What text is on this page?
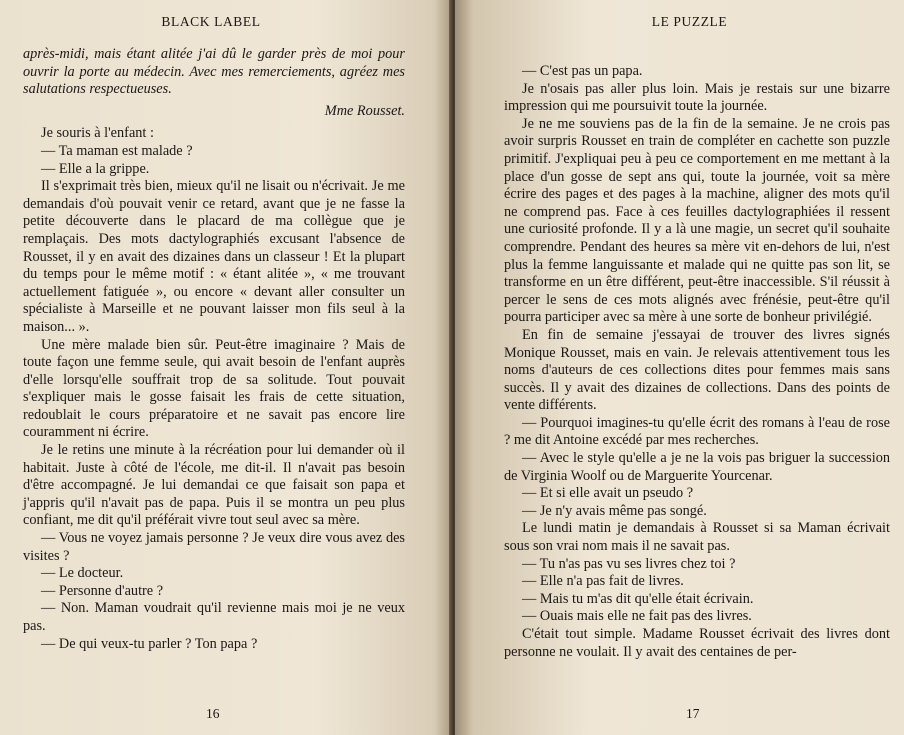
BLACK LABEL

après-midi, mais étant alitée j'ai dû le garder près de moi pour ouvrir la porte au médecin. Avec mes remerciements, agréez mes salutations respectueuses.

Mme Rousset.

Je souris à l'enfant :

— Ta maman est malade ?

— Elle a la grippe.

Il s'exprimait très bien, mieux qu'il ne lisait ou n'écrivait. Je me demandais d'où pouvait venir ce retard, avant que je ne fasse la petite découverte dans le placard de ma collègue que je remplaçais. Des mots dactylographiés excusant l'absence de Rousset, il y en avait des dizaines dans un classeur ! Et la plupart du temps pour le même motif : « étant alitée », « me trouvant actuellement fatiguée », ou encore « devant aller consulter un spécialiste à Marseille et ne pouvant laisser mon fils seul à la maison... ».

Une mère malade bien sûr. Peut-être imaginaire ? Mais de toute façon une femme seule, qui avait besoin de l'enfant auprès d'elle lorsqu'elle souffrait trop de sa solitude. Tout pouvait s'expliquer mais le gosse faisait les frais de cette situation, redoublait le cours préparatoire et ne savait pas encore lire couramment ni écrire.

Je le retins une minute à la récréation pour lui demander où il habitait. Juste à côté de l'école, me dit-il. Il n'avait pas besoin d'être accompagné. Je lui demandai ce que faisait son papa et j'appris qu'il n'avait pas de papa. Puis il se montra un peu plus confiant, me dit qu'il préférait vivre tout seul avec sa mère.

— Vous ne voyez jamais personne ? Je veux dire vous avez des visites ?

— Le docteur.

— Personne d'autre ?

— Non. Maman voudrait qu'il revienne mais moi je ne veux pas.

— De qui veux-tu parler ? Ton papa ?

16
LE PUZZLE

— C'est pas un papa.

Je n'osais pas aller plus loin. Mais je restais sur une bizarre impression qui me poursuivit toute la journée.

Je ne me souviens pas de la fin de la semaine. Je ne crois pas avoir surpris Rousset en train de compléter en cachette son puzzle primitif. J'expliquai peu à peu ce comportement en me mettant à la place d'un gosse de sept ans qui, toute la journée, voit sa mère écrire des pages et des pages à la machine, aligner des mots qu'il ne comprend pas. Face à ces feuilles dactylographiées il ressent une curiosité profonde. Il y a là une magie, un secret qu'il souhaite comprendre. Pendant des heures sa mère vit en-dehors de lui, n'est plus la femme languissante et malade qui ne quitte pas son lit, se transforme en un être différent, peut-être inaccessible. S'il réussit à percer le sens de ces mots alignés avec frénésie, peut-être qu'il pourra participer avec sa mère à une sorte de bonheur privilégié.

En fin de semaine j'essayai de trouver des livres signés Monique Rousset, mais en vain. Je relevais attentivement tous les noms d'auteurs de ces collections dites pour femmes mais sans succès. Il y avait des dizaines de collections. Dans des points de vente différents.

— Pourquoi imagines-tu qu'elle écrit des romans à l'eau de rose ? me dit Antoine excédé par mes recherches.

— Avec le style qu'elle a je ne la vois pas briguer la succession de Virginia Woolf ou de Marguerite Yourcenar.

— Et si elle avait un pseudo ?

— Je n'y avais même pas songé.

Le lundi matin je demandais à Rousset si sa Maman écrivait sous son vrai nom mais il ne savait pas.

— Tu n'as pas vu ses livres chez toi ?

— Elle n'a pas fait de livres.

— Mais tu m'as dit qu'elle était écrivain.

— Ouais mais elle ne fait pas des livres.

C'était tout simple. Madame Rousset écrivait des livres dont personne ne voulait. Il y avait des centaines de per-

17
